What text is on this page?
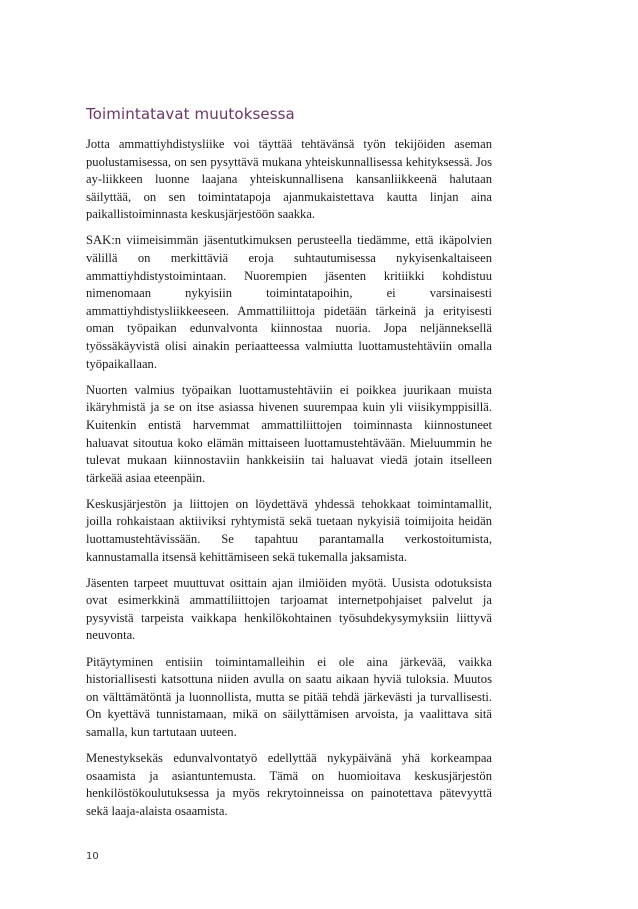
Toimintatavat muutoksessa

Jotta ammattiyhdistysliike voi täyttää tehtävänsä työn tekijöiden aseman puolustamisessa, on sen pysyttävä mukana yhteiskunnallisessa kehityksessä. Jos ay-liikkeen luonne laajana yhteiskunnallisena kansanliikkeenä halutaan säilyttää, on sen toimintatapoja ajanmukaistettava kautta linjan aina paikallistoiminnasta keskusjärjestöön saakka.

SAK:n viimeisimmän jäsentutkimuksen perusteella tiedämme, että ikäpolvien välillä on merkittäviä eroja suhtautumisessa nykyisenkaltaiseen ammattiyhdistystoimintaan. Nuorempien jäsenten kritiikki kohdistuu nimenomaan nykyisiin toimintatapoihin, ei varsinaisesti ammattiyhdistysliikkeeseen. Ammattiliittoja pidetään tärkeinä ja erityisesti oman työpaikan edunvalvonta kiinnostaa nuoria. Jopa neljänneksellä työssäkäyvistä olisi ainakin periaatteessa valmiutta luottamustehtäviin omalla työpaikallaan.

Nuorten valmius työpaikan luottamustehtäviin ei poikkea juurikaan muista ikäryhmistä ja se on itse asiassa hivenen suurempaa kuin yli viisikymppisillä. Kuitenkin entistä harvemmat ammattiliittojen toiminnasta kiinnostuneet haluavat sitoutua koko elämän mittaiseen luottamustehtävään. Mieluummin he tulevat mukaan kiinnostaviin hankkeisiin tai haluavat viedä jotain itselleen tärkeää asiaa eteenpäin.

Keskusjärjestön ja liittojen on löydettävä yhdessä tehokkaat toimintamallit, joilla rohkaistaan aktiiviksi ryhtymistä sekä tuetaan nykyisiä toimijoita heidän luottamustehtävissään. Se tapahtuu parantamalla verkostoitumista, kannustamalla itsensä kehittämiseen sekä tukemalla jaksamista.

Jäsenten tarpeet muuttuvat osittain ajan ilmiöiden myötä. Uusista odotuksista ovat esimerkkinä ammattiliittojen tarjoamat internetpohjaiset palvelut ja pysyvistä tarpeista vaikkapa henkilökohtainen työsuhdekysymyksiin liittyvä neuvonta.

Pitäytyminen entisiin toimintamalleihin ei ole aina järkevää, vaikka historiallisesti katsottuna niiden avulla on saatu aikaan hyviä tuloksia. Muutos on välttämätöntä ja luonnollista, mutta se pitää tehdä järkevästi ja turvallisesti. On kyettävä tunnistamaan, mikä on säilyttämisen arvoista, ja vaalittava sitä samalla, kun tartutaan uuteen.

Menestyksekäs edunvalvontatyö edellyttää nykypäivänä yhä korkeampaa osaamista ja asiantuntemusta. Tämä on huomioitava keskusjärjestön henkilöstökoulutuksessa ja myös rekrytoinneissa on painotettava pätevyyttä sekä laaja-alaista osaamista.

10
